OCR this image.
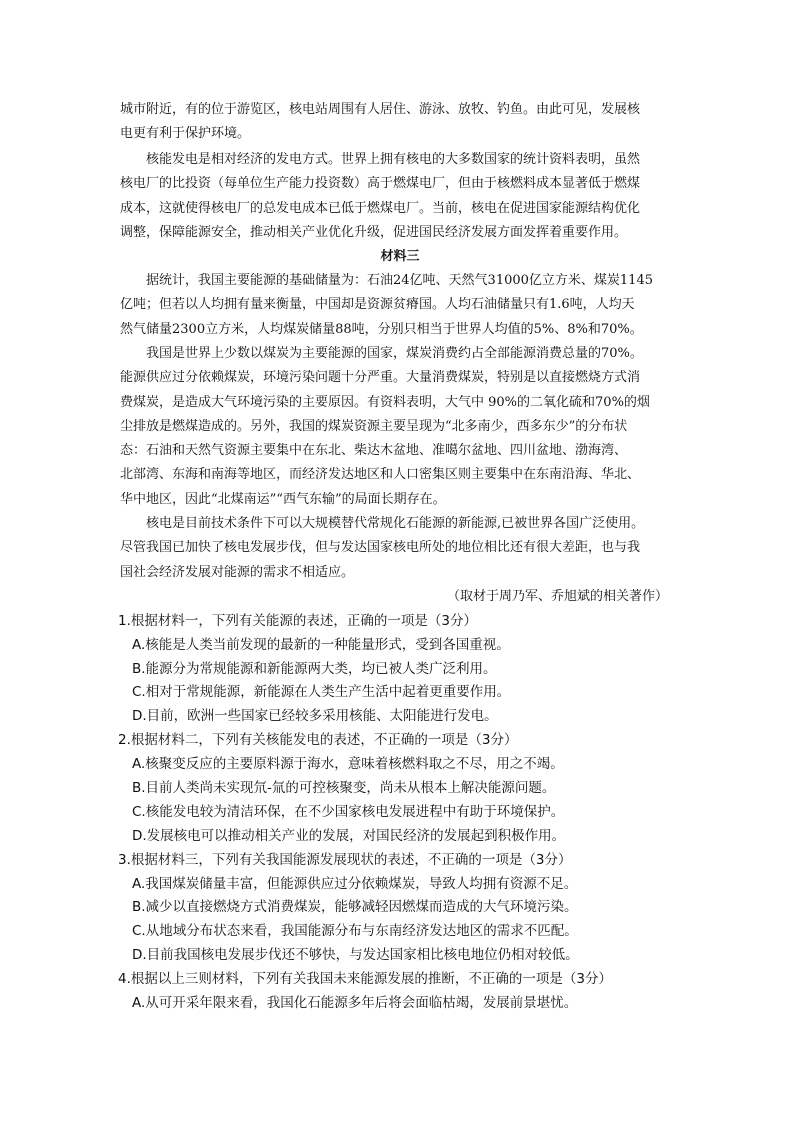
城市附近，有的位于游览区，核电站周围有人居住、游泳、放牧、钓鱼。由此可见，发展核
电更有利于保护环境。
核能发电是相对经济的发电方式。世界上拥有核电的大多数国家的统计资料表明，虽然
核电厂的比投资（每单位生产能力投资数）高于燃煤电厂，但由于核燃料成本显著低于燃煤
成本，这就使得核电厂的总发电成本已低于燃煤电厂。当前，核电在促进国家能源结构优化
调整，保障能源安全，推动相关产业优化升级，促进国民经济发展方面发挥着重要作用。
材料三
据统计，我国主要能源的基础储量为：石油24亿吨、天然气31000亿立方米、煤炭1145
亿吨；但若以人均拥有量来衡量，中国却是资源贫瘠国。人均石油储量只有1.6吨，人均天
然气储量2300立方米，人均煤炭储量88吨，分别只相当于世界人均值的5%、8%和70%。
我国是世界上少数以煤炭为主要能源的国家，煤炭消费约占全部能源消费总量的70%。
能源供应过分依赖煤炭，环境污染问题十分严重。大量消费煤炭，特别是以直接燃烧方式消
费煤炭，是造成大气环境污染的主要原因。有资料表明，大气中 90%的二氧化硫和70%的烟
尘排放是燃煤造成的。另外，我国的煤炭资源主要呈现为“北多南少，西多东少”的分布状
态：石油和天然气资源主要集中在东北、柴达木盆地、准噶尔盆地、四川盆地、渤海湾、
北部湾、东海和南海等地区，而经济发达地区和人口密集区则主要集中在东南沿海、华北、
华中地区，因此“北煤南运”“西气东输”的局面长期存在。
核电是目前技术条件下可以大规模替代常规化石能源的新能源,已被世界各国广泛使用。
尽管我国已加快了核电发展步伐，但与发达国家核电所处的地位相比还有很大差距，也与我
国社会经济发展对能源的需求不相适应。
（取材于周乃军、乔旭斌的相关著作）
1.根据材料一，下列有关能源的表述，正确的一项是（3分）
A.核能是人类当前发现的最新的一种能量形式，受到各国重视。
B.能源分为常规能源和新能源两大类，均已被人类广泛利用。
C.相对于常规能源，新能源在人类生产生活中起着更重要作用。
D.目前，欧洲一些国家已经较多采用核能、太阳能进行发电。
2.根据材料二，下列有关核能发电的表述，不正确的一项是（3分）
A.核聚变反应的主要原料源于海水，意味着核燃料取之不尽，用之不竭。
B.目前人类尚未实现氘-氚的可控核聚变，尚未从根本上解决能源问题。
C.核能发电较为清洁环保，在不少国家核电发展进程中有助于环境保护。
D.发展核电可以推动相关产业的发展，对国民经济的发展起到积极作用。
3.根据材料三，下列有关我国能源发展现状的表述，不正确的一项是（3分）
A.我国煤炭储量丰富，但能源供应过分依赖煤炭，导致人均拥有资源不足。
B.减少以直接燃烧方式消费煤炭，能够减轻因燃煤而造成的大气环境污染。
C.从地域分布状态来看，我国能源分布与东南经济发达地区的需求不匹配。
D.目前我国核电发展步伐还不够快，与发达国家相比核电地位仍相对较低。
4.根据以上三则材料，下列有关我国未来能源发展的推断，不正确的一项是（3分）
A.从可开采年限来看，我国化石能源多年后将会面临枯竭，发展前景堪忧。
